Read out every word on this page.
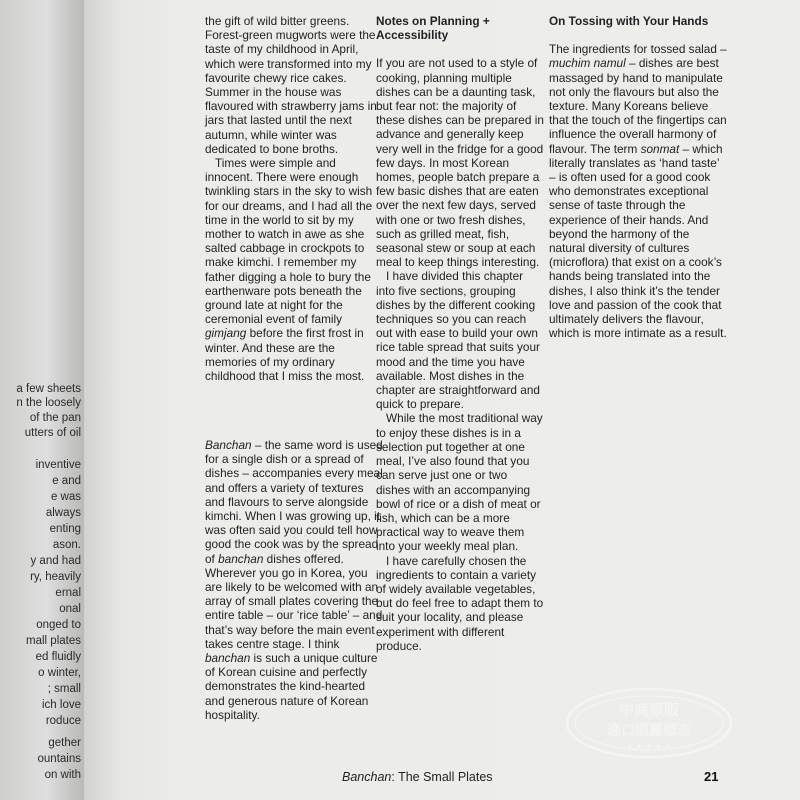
a few sheets
n the loosely
of the pan
utters of oil
inventive
e and
e was
always
enting
ason.
y and had
ry, heavily
ernal
onal
onged to
mall plates
ed fluidly
o winter,
; small
ich love
roduce
gether
ountains
on with

the gift of wild bitter greens. Forest-green mugworts were the taste of my childhood in April, which were transformed into my favourite chewy rice cakes. Summer in the house was flavoured with strawberry jams in jars that lasted until the next autumn, while winter was dedicated to bone broths.

Times were simple and innocent. There were enough twinkling stars in the sky to wish for our dreams, and I had all the time in the world to sit by my mother to watch in awe as she salted cabbage in crockpots to make kimchi. I remember my father digging a hole to bury the earthenware pots beneath the ground late at night for the ceremonial event of family gimjang before the first frost in winter. And these are the memories of my ordinary childhood that I miss the most.

Banchan – the same word is used for a single dish or a spread of dishes – accompanies every meal and offers a variety of textures and flavours to serve alongside kimchi. When I was growing up, it was often said you could tell how good the cook was by the spread of banchan dishes offered. Wherever you go in Korea, you are likely to be welcomed with an array of small plates covering the entire table – our ‘rice table’ – and that’s way before the main event takes centre stage. I think banchan is such a unique culture of Korean cuisine and perfectly demonstrates the kind-hearted and generous nature of Korean hospitality.

Notes on Planning + Accessibility

If you are not used to a style of cooking, planning multiple dishes can be a daunting task, but fear not: the majority of these dishes can be prepared in advance and generally keep very well in the fridge for a good few days. In most Korean homes, people batch prepare a few basic dishes that are eaten over the next few days, served with one or two fresh dishes, such as grilled meat, fish, seasonal stew or soup at each meal to keep things interesting.

I have divided this chapter into five sections, grouping dishes by the different cooking techniques so you can reach out with ease to build your own rice table spread that suits your mood and the time you have available. Most dishes in the chapter are straightforward and quick to prepare.

While the most traditional way to enjoy these dishes is in a selection put together at one meal, I’ve also found that you can serve just one or two dishes with an accompanying bowl of rice or a dish of meat or fish, which can be a more practical way to weave them into your weekly meal plan.

I have carefully chosen the ingredients to contain a variety of widely available vegetables, but do feel free to adapt them to suit your locality, and please experiment with different produce.

On Tossing with Your Hands

The ingredients for tossed salad – muchim namul – dishes are best massaged by hand to manipulate not only the flavours but also the texture. Many Koreans believe that the touch of the fingertips can influence the overall harmony of flavour. The term sonmat – which literally translates as ‘hand taste’ – is often used for a good cook who demonstrates exceptional sense of taste through the experience of their hands. And beyond the harmony of the natural diversity of cultures (microflora) that exist on a cook’s hands being translated into the dishes, I also think it’s the tender love and passion of the cook that ultimately delivers the flavour, which is more intimate as a result.

Banchan: The Small Plates	21
中商原版
進口通關標志
★ ★ ★ ★ ★
